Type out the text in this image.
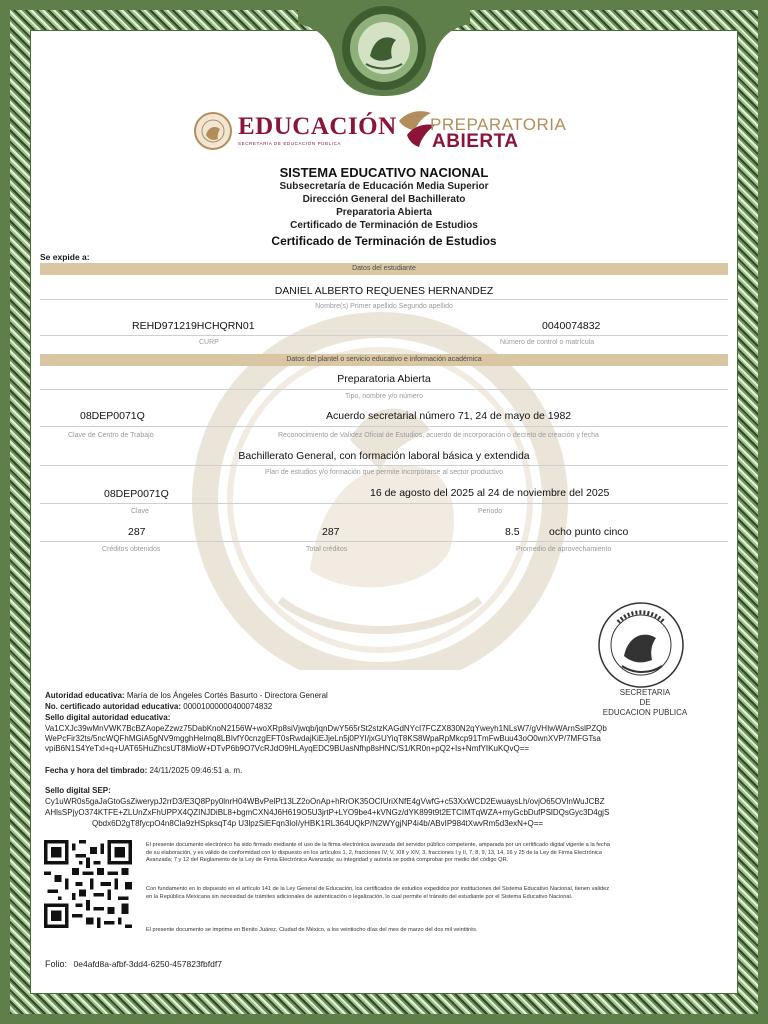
EDUCACIÓN
SECRETARÍA DE EDUCACIÓN PÚBLICA
PREPARATORIA
ABIERTA
SISTEMA EDUCATIVO NACIONAL
Subsecretaría de Educación Media Superior
Dirección General del Bachillerato
Preparatoria Abierta
Certificado de Terminación de Estudios
Certificado de Terminación de Estudios
Se expide a:
Datos del estudiante
DANIEL ALBERTO REQUENES HERNANDEZ
Nombre(s) Primer apellido Segundo apellido
REHD971219HCHQRN01	0040074832
CURP	Número de control o matrícula
Datos del plantel o servicio educativo e información académica
Preparatoria Abierta
Tipo, nombre y/o número
08DEP0071Q	Acuerdo secretarial número 71, 24 de mayo de 1982
Clave de Centro de Trabajo	Reconocimiento de Validez Oficial de Estudios, acuerdo de incorporación o decreto de creación y fecha
Bachillerato General, con formación laboral básica y extendida
Plan de estudios y/o formación que permite incorporarse al sector productivo
08DEP0071Q	16 de agosto del 2025 al 24 de noviembre del 2025
Clave	Periodo
287	287	8.5	ocho punto cinco
Créditos obtenidos	Total créditos	Promedio de aprovechamiento
SECRETARIA
DE
EDUCACION PUBLICA
Autoridad educativa: María de los Ángeles Cortés Basurto - Directora General
No. certificado autoridad educativa: 00001000000400074832
Sello digital autoridad educativa:
Va1CXJc39wMnVWK7BcBZAopeZzwz75DabKnoN2156W+woXRp8siVjwqb/jqnDwY565rSt2stzKAGdNYcI7FCZX830N2qYweyh1NLsW7/gVHIwWArnSslPZQb
WePcFir32ts/5ncWQFhMGiA5gNV9mgghHelmq8LBIvfY0cnzgEFT0sRwdajKiEJjeLn5j0PYI/jxGUYiqT8KS8WpaRpMkcp91TmFwBuu43oO0wnXVP/7MFGTsa
vpiB6N1S4YeTxl+q+UAT65HuZhcsUT8MioW+DTvP6b9O7VcRJdO9HLAyqEDC9BUasNfhp8sHNC/S1/KR0n+pQ2+Is+NmfYIKuKQvQ==
Fecha y hora del timbrado: 24/11/2025 09:46:51 a. m.
Sello digital SEP:
Cy1uWR0s5gaJaGtoGsZiwerypJ2rrD3/E3Q8Ppy0lnrH04WBvPelPt13LZ2oOnAp+hRrOK35OCIUriXNfE4gVwfG+c53XxWCD2EwuaysLh/ovjO65OVlnWuJCBZ
AHlsSPjyO374KTFE+ZLUnZxFhUPPX4QZINJDiBL8+bgmCXN4J6H619O5U3jrtP+LYO9be4+kVNGz/dYK899t9t2ETCIMTqWZA+myGcbDufPSlDQsGyc3D4gjS
Qbdx6D2gT8fycpO4n8Cla9zHSpksqT4p U3lpzSiEFqn3loI/yHBK1RL364UQkP/N2WYgjNP4i4b/ABvIP984tXwvRm5d3exN+Q==
El presente documento electrónico ha sido firmado mediante el uso de la firma electrónica avanzada del servidor público competente, amparada por un certificado digital vigente a la fecha de su elaboración, y es válido de conformidad con lo dispuesto en los artículos 1, 2, fracciones IV, V, XIII y XIV, 3, fracciones I y II, 7, 8, 9, 13, 14, 16 y 25 de la Ley de Firma Electrónica Avanzada; 7 y 12 del Reglamento de la Ley de Firma Electrónica Avanzada; su integridad y autoría se podrá comprobar por medio del código QR.
Con fundamento en lo dispuesto en el artículo 141 de la Ley General de Educación, los certificados de estudios expedidos por instituciones del Sistema Educativo Nacional, tienen validez en la República Mexicana sin necesidad de trámites adicionales de autenticación o legalización, lo cual permite el tránsito del estudiante por el Sistema Educativo Nacional.
El presente documento se imprime en Benito Juárez, Ciudad de México, a los veintiocho días del mes de marzo del dos mil veintitrés.
Folio: 0e4afd8a-afbf-3dd4-6250-457823fbfdf7
